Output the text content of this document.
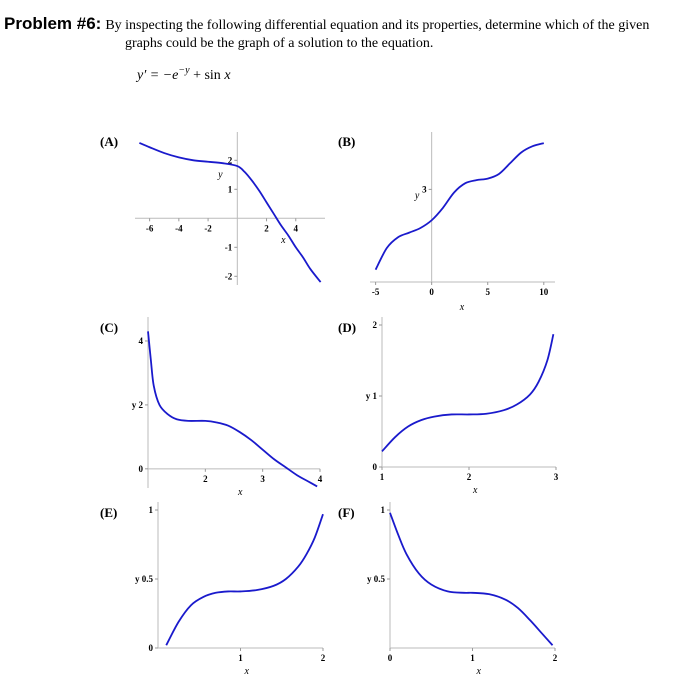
Problem #6: By inspecting the following differential equation and its properties, determine which of the given
graphs could be the graph of a solution to the equation.
$y' = -e^{-y} + \sin x$
(A)
-6 -4 -2	2	4
-2
-1
1
2
y
x
(B)
-5	0	5	10
3
y
x
(C)
2	3	4
0
y 2
4
x
(D)
1	2	3
0
y 1
2
x
(E)
1	2
0
y 0.5
1
x
(F)
0	1	2
y 0.5
1
x
